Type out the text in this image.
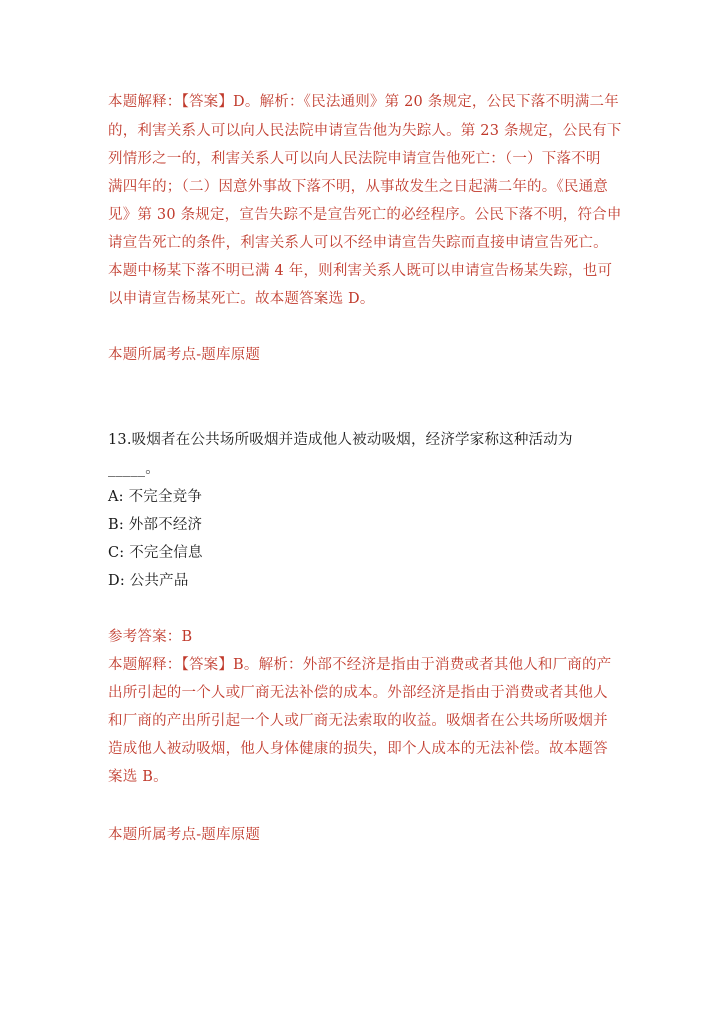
本题解释：【答案】D。解析：《民法通则》第 20 条规定，公民下落不明满二年
的，利害关系人可以向人民法院申请宣告他为失踪人。第 23 条规定，公民有下
列情形之一的，利害关系人可以向人民法院申请宣告他死亡：（一）下落不明
满四年的；（二）因意外事故下落不明，从事故发生之日起满二年的。《民通意
见》第 30 条规定，宣告失踪不是宣告死亡的必经程序。公民下落不明，符合申
请宣告死亡的条件，利害关系人可以不经申请宣告失踪而直接申请宣告死亡。
本题中杨某下落不明已满 4 年，则利害关系人既可以申请宣告杨某失踪，也可
以申请宣告杨某死亡。故本题答案选 D。
本题所属考点-题库原题
13.吸烟者在公共场所吸烟并造成他人被动吸烟，经济学家称这种活动为
_____。
A: 不完全竞争
B: 外部不经济
C: 不完全信息
D: 公共产品
参考答案：B
本题解释：【答案】B。解析：外部不经济是指由于消费或者其他人和厂商的产
出所引起的一个人或厂商无法补偿的成本。外部经济是指由于消费或者其他人
和厂商的产出所引起一个人或厂商无法索取的收益。吸烟者在公共场所吸烟并
造成他人被动吸烟，他人身体健康的损失，即个人成本的无法补偿。故本题答
案选 B。
本题所属考点-题库原题
